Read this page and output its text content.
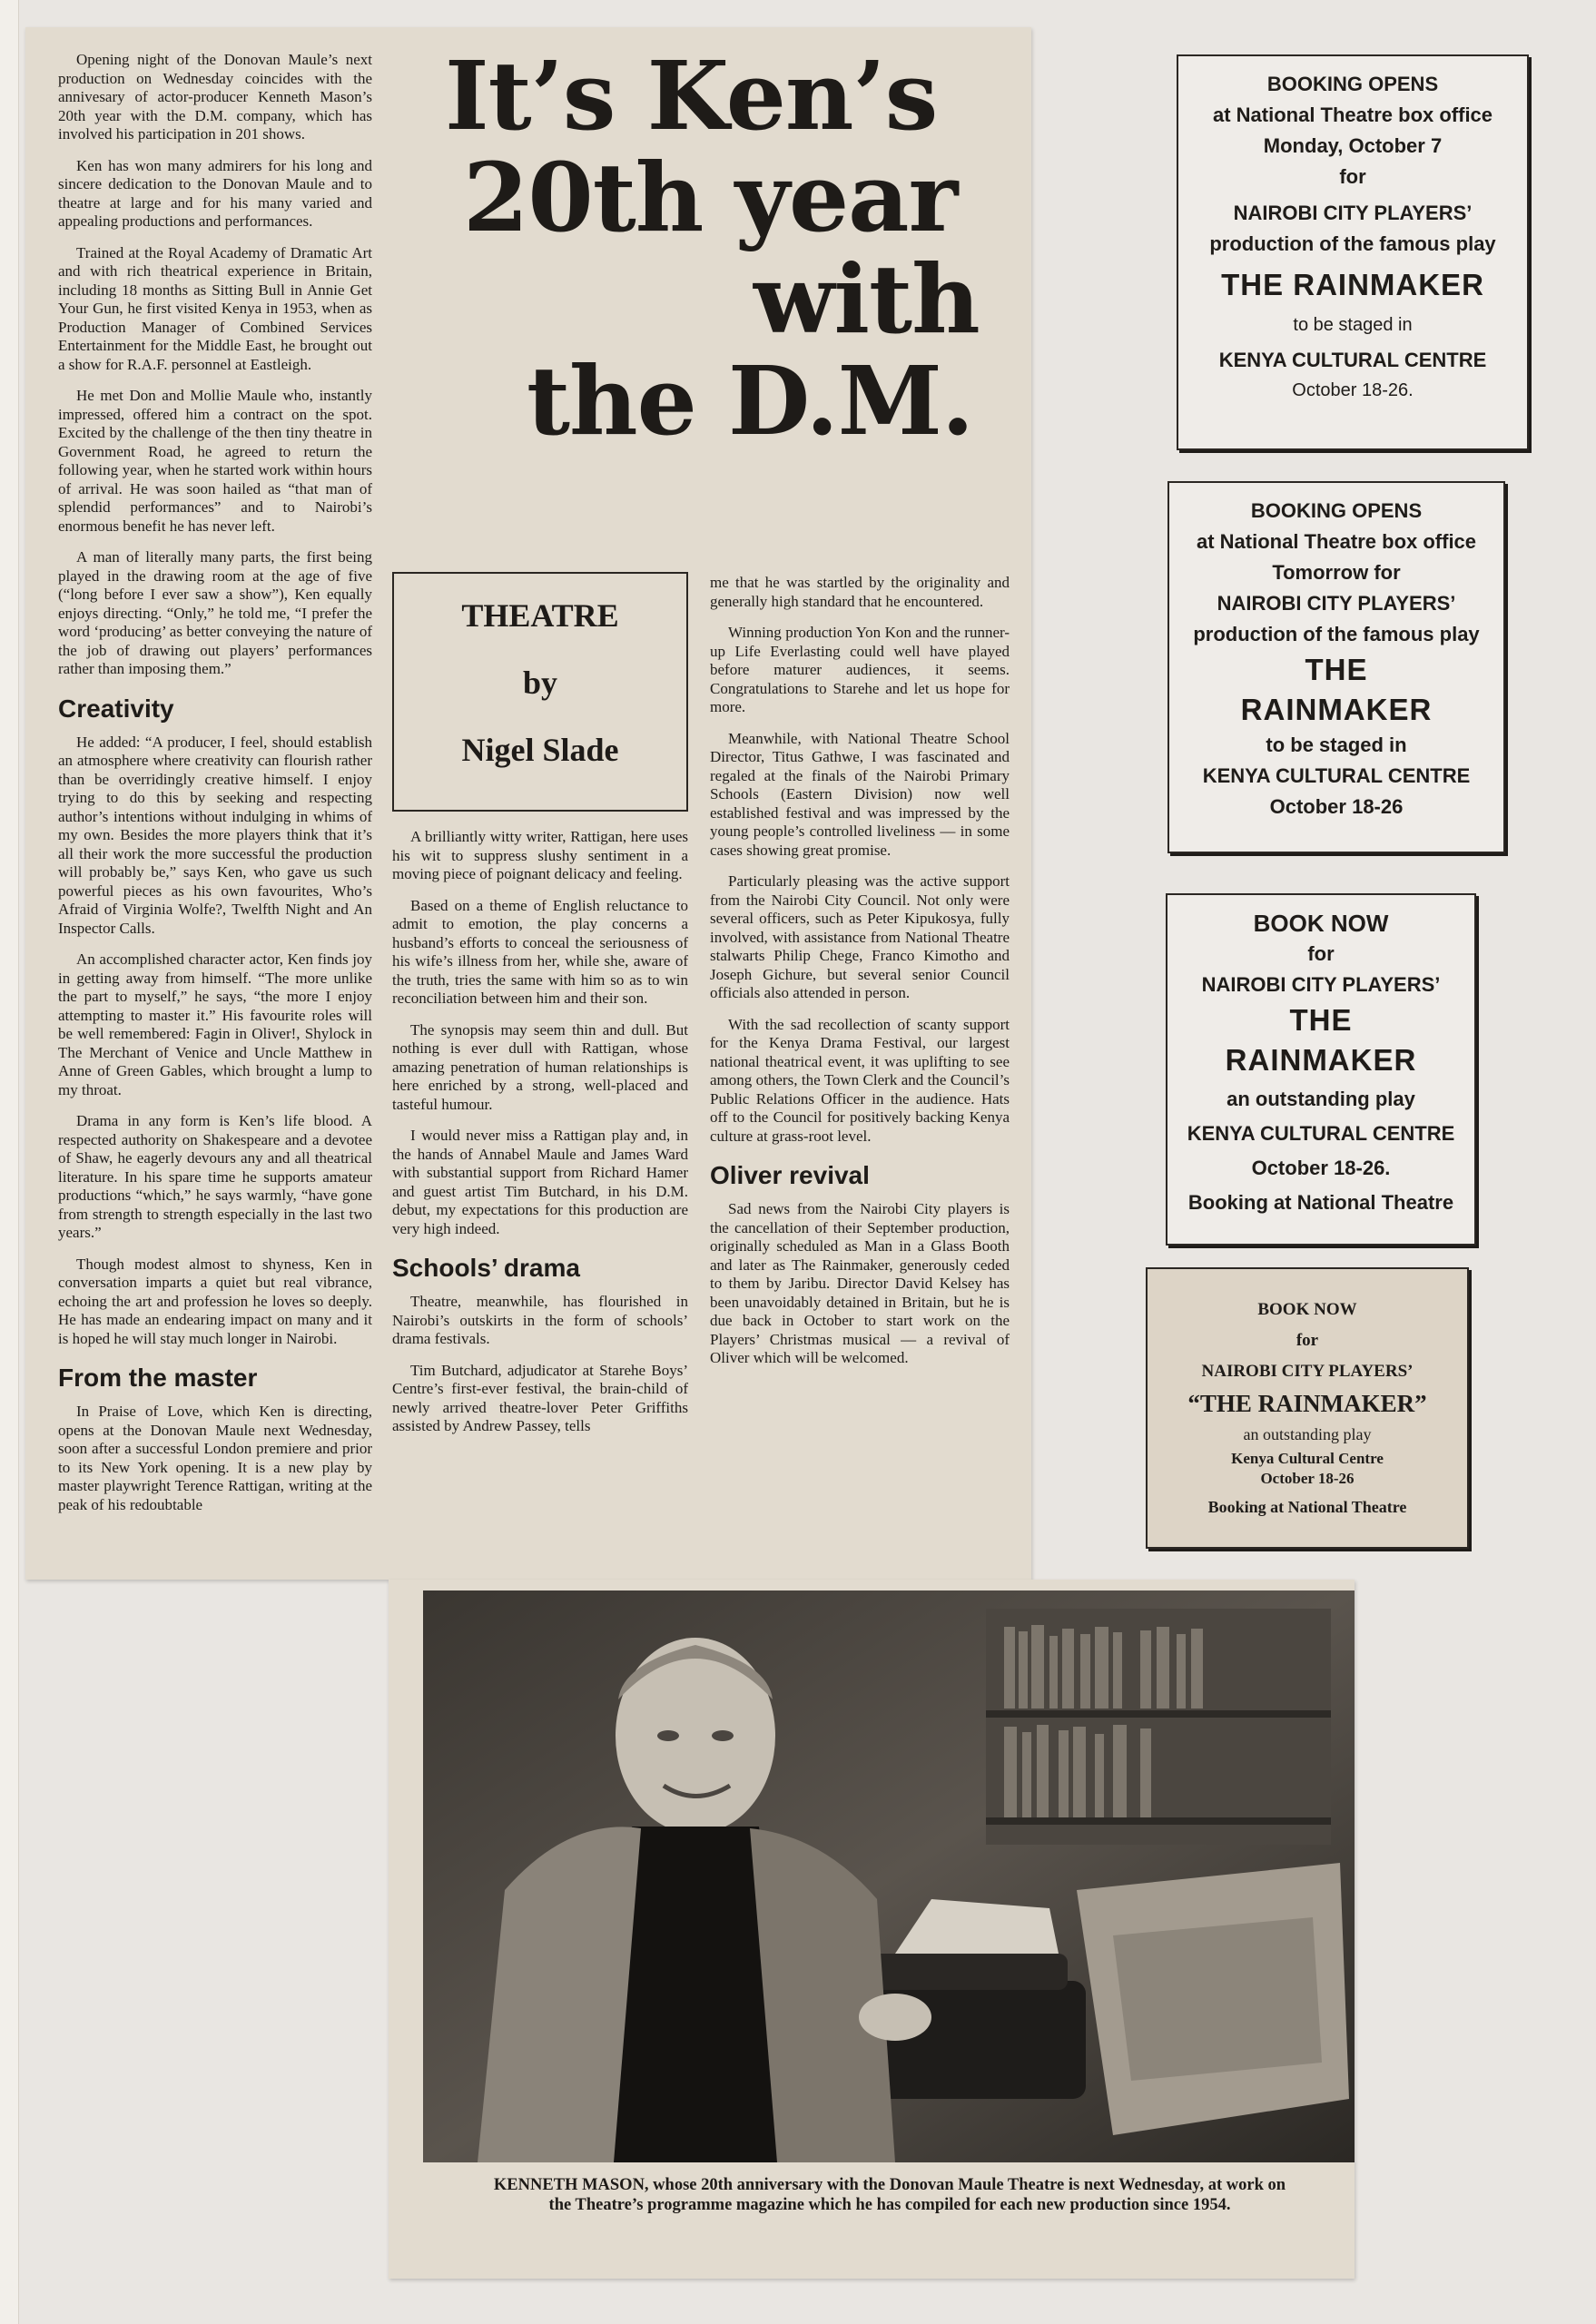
It’s Ken’s
20th year
with
the D.M.
THEATRE
by
Nigel Slade

Opening night of the Donovan Maule’s next production on Wednesday coincides with the annivesary of actor-producer Kenneth Mason’s 20th year with the D.M. company, which has involved his participation in 201 shows.

Ken has won many admirers for his long and sincere dedication to the Donovan Maule and to theatre at large and for his many varied and appealing productions and performances.

Trained at the Royal Academy of Dramatic Art and with rich theatrical experience in Britain, including 18 months as Sitting Bull in Annie Get Your Gun, he first visited Kenya in 1953, when as Production Manager of Combined Services Entertainment for the Middle East, he brought out a show for R.A.F. personnel at Eastleigh.

He met Don and Mollie Maule who, instantly impressed, offered him a contract on the spot. Excited by the challenge of the then tiny theatre in Government Road, he agreed to return the following year, when he started work within hours of arrival. He was soon hailed as “that man of splendid performances” and to Nairobi’s enormous benefit he has never left.

A man of literally many parts, the first being played in the drawing room at the age of five (“long before I ever saw a show”), Ken equally enjoys directing. “Only,” he told me, “I prefer the word ‘producing’ as better conveying the nature of the job of drawing out players’ performances rather than imposing them.”

Creativity

He added: “A producer, I feel, should establish an atmosphere where creativity can flourish rather than be overridingly creative himself. I enjoy trying to do this by seeking and respecting author’s intentions without indulging in whims of my own. Besides the more players think that it’s all their work the more successful the production will probably be,” says Ken, who gave us such powerful pieces as his own favourites, Who’s Afraid of Virginia Wolfe?, Twelfth Night and An Inspector Calls.

An accomplished character actor, Ken finds joy in getting away from himself. “The more unlike the part to myself,” he says, “the more I enjoy attempting to master it.” His favourite roles will be well remembered: Fagin in Oliver!, Shylock in The Merchant of Venice and Uncle Matthew in Anne of Green Gables, which brought a lump to my throat.

Drama in any form is Ken’s life blood. A respected authority on Shakespeare and a devotee of Shaw, he eagerly devours any and all theatrical literature. In his spare time he supports amateur productions “which,” he says warmly, “have gone from strength to strength especially in the last two years.”

Though modest almost to shyness, Ken in conversation imparts a quiet but real vibrance, echoing the art and profession he loves so deeply. He has made an endearing impact on many and it is hoped he will stay much longer in Nairobi.

From the master

In Praise of Love, which Ken is directing, opens at the Donovan Maule next Wednesday, soon after a successful London premiere and prior to its New York opening. It is a new play by master playwright Terence Rattigan, writing at the peak of his redoubtable

A brilliantly witty writer, Rattigan, here uses his wit to suppress slushy sentiment in a moving piece of poignant delicacy and feeling.

Based on a theme of English reluctance to admit to emotion, the play concerns a husband’s efforts to conceal the seriousness of his wife’s illness from her, while she, aware of the truth, tries the same with him so as to win reconciliation between him and their son.

The synopsis may seem thin and dull. But nothing is ever dull with Rattigan, whose amazing penetration of human relationships is here enriched by a strong, well-placed and tasteful humour.

I would never miss a Rattigan play and, in the hands of Annabel Maule and James Ward with substantial support from Richard Hamer and guest artist Tim Butchard, in his D.M. debut, my expectations for this production are very high indeed.

Schools’ drama

Theatre, meanwhile, has flourished in Nairobi’s outskirts in the form of schools’ drama festivals.

Tim Butchard, adjudicator at Starehe Boys’ Centre’s first-ever festival, the brain-child of newly arrived theatre-lover Peter Griffiths assisted by Andrew Passey, tells

me that he was startled by the originality and generally high standard that he encountered.

Winning production Yon Kon and the runner-up Life Everlasting could well have played before maturer audiences, it seems. Congratulations to Starehe and let us hope for more.

Meanwhile, with National Theatre School Director, Titus Gathwe, I was fascinated and regaled at the finals of the Nairobi Primary Schools (Eastern Division) now well established festival and was impressed by the young people’s controlled liveliness — in some cases showing great promise.

Particularly pleasing was the active support from the Nairobi City Council. Not only were several officers, such as Peter Kipukosya, fully involved, with assistance from National Theatre stalwarts Philip Chege, Franco Kimotho and Joseph Gichure, but several senior Council officials also attended in person.

With the sad recollection of scanty support for the Kenya Drama Festival, our largest national theatrical event, it was uplifting to see among others, the Town Clerk and the Council’s Public Relations Officer in the audience. Hats off to the Council for positively backing Kenya culture at grass-root level.

Oliver revival

Sad news from the Nairobi City players is the cancellation of their September production, originally scheduled as Man in a Glass Booth and later as The Rainmaker, generously ceded to them by Jaribu. Director David Kelsey has been unavoidably detained in Britain, but he is due back in October to start work on the Players’ Christmas musical — a revival of Oliver which will be welcomed.

KENNETH MASON, whose 20th anniversary with the Donovan Maule Theatre is next Wednesday, at work on the Theatre’s programme magazine which he has compiled for each new production since 1954.
BOOKING OPENS
at National Theatre box office
Monday, October 7
for
NAIROBI CITY PLAYERS’
production of the famous play
THE RAINMAKER
to be staged in
KENYA CULTURAL CENTRE
October 18-26.
BOOKING OPENS
at National Theatre box office
Tomorrow for
NAIROBI CITY PLAYERS’
production of the famous play
THE
RAINMAKER
to be staged in
KENYA CULTURAL CENTRE
October 18-26
BOOK NOW
for
NAIROBI CITY PLAYERS’
THE
RAINMAKER
an outstanding play
KENYA CULTURAL CENTRE
October 18-26.
Booking at National Theatre
BOOK NOW
for
NAIROBI CITY PLAYERS’
“THE RAINMAKER”
an outstanding play
Kenya Cultural Centre
October 18-26
Booking at National Theatre
